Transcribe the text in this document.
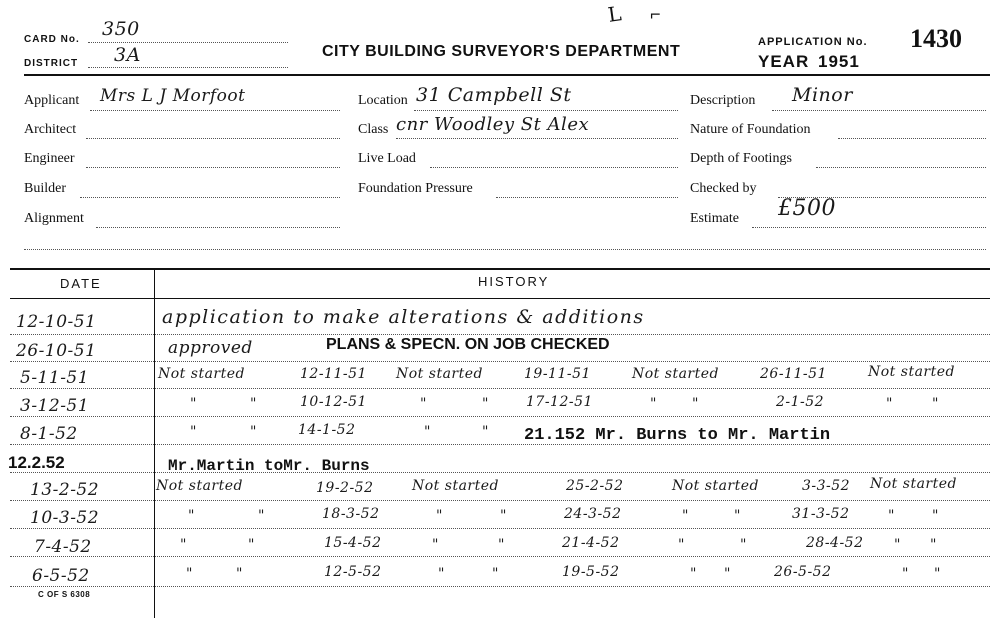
L ⌐
CARD No. 350
DISTRICT 3A	CITY BUILDING SURVEYOR'S DEPARTMENT
APPLICATION No. 1430
YEAR 1951
Applicant Mrs L J Morfoot
Architect
Engineer
Builder
Alignment
Location 31 Campbell St
Class cnr Woodley St Alex
Live Load
Foundation Pressure
Description Minor
Nature of Foundation
Depth of Footings
Checked by
Estimate £500
DATE	HISTORY
12-10-51	application to make alterations & additions
26-10-51	approved	PLANS & SPECN. ON JOB CHECKED
5-11-51	Not started	12-11-51 Not started	19-11-51	Not started	26-11-51	Not started
3-12-51	"	"	10-12-51	"	"	17-12-51	"	"	2-1-52	"	"
8-1-52	"	"	14-1-52	"	" 21.152 Mr. Burns to Mr. Martin
12.2.52	Mr.Martin toMr. Burns
13-2-52	Not started	19-2-52	Not started	25-2-52	Not started	3-3-52 Not started
10-3-52	"	"	18-3-52	"	"	24-3-52	"	"	31-3-52	"	"
7-4-52	"	"	15-4-52	"	"	21-4-52	"	"	28-4-52 " "
6-5-52	"	"	12-5-52	"	"	19-5-52	" "	26-5-52	" "
C OF S 6308
